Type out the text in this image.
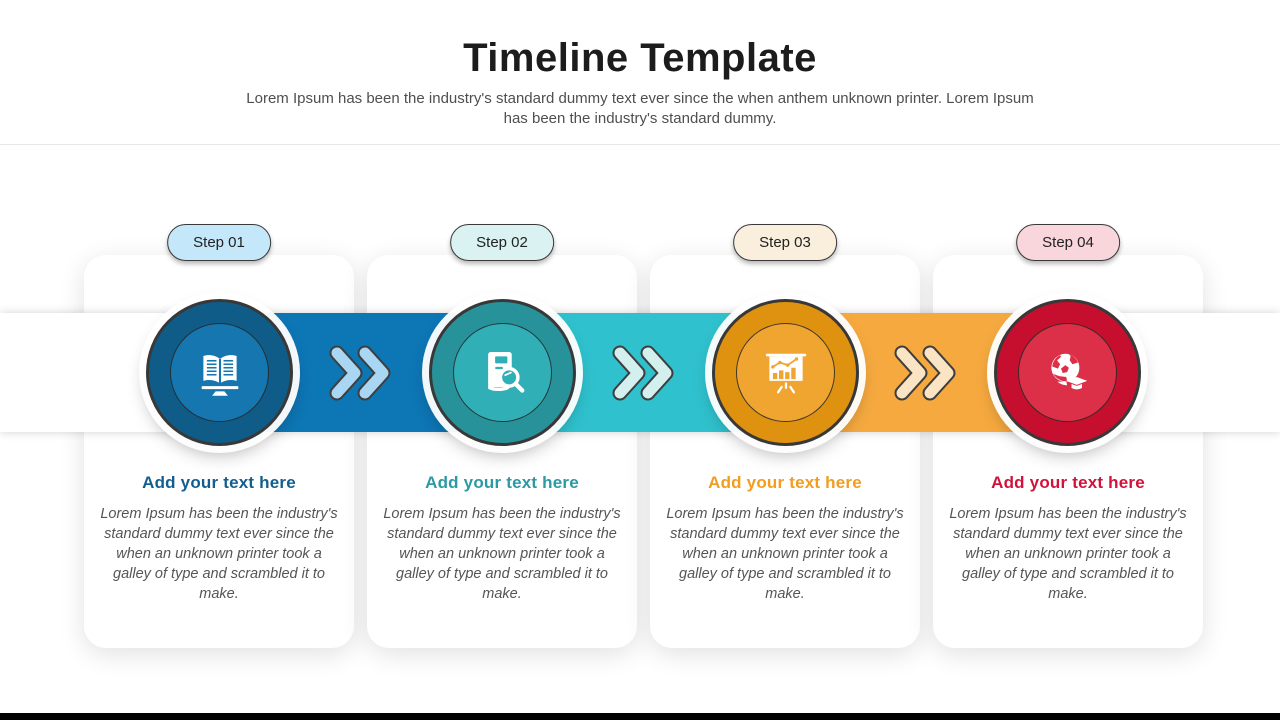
Timeline Template
Lorem Ipsum has been the industry's standard dummy text ever since the when anthem unknown printer. Lorem Ipsum has been the industry's standard dummy.
Step 01
Add your text here
Lorem Ipsum has been the industry's standard dummy text ever since the when an unknown printer took a galley of type and scrambled it to make.
Step 02
Add your text here
Lorem Ipsum has been the industry's standard dummy text ever since the when an unknown printer took a galley of type and scrambled it to make.
Step 03
Add your text here
Lorem Ipsum has been the industry's standard dummy text ever since the when an unknown printer took a galley of type and scrambled it to make.
Step 04
Add your text here
Lorem Ipsum has been the industry's standard dummy text ever since the when an unknown printer took a galley of type and scrambled it to make.
